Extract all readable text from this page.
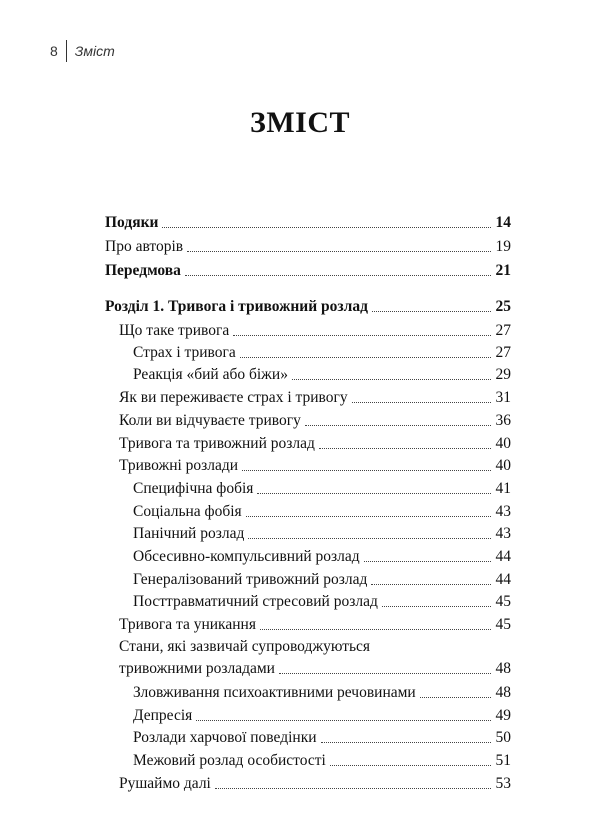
8	Зміст
ЗМІСТ
Подяки	14
Про авторів	19
Передмова	21
Розділ 1. Тривога і тривожний розлад	25
Що таке тривога	27
Страх і тривога	27
Реакція «бий або біжи»	29
Як ви переживаєте страх і тривогу	31
Коли ви відчуваєте тривогу	36
Тривога та тривожний розлад	40
Тривожні розлади	40
Специфічна фобія	41
Соціальна фобія	43
Панічний розлад	43
Обсесивно-компульсивний розлад	44
Генералізований тривожний розлад	44
Посттравматичний стресовий розлад	45
Тривога та уникання	45
Стани, які зазвичай супроводжуються
тривожними розладами	48
Зловживання психоактивними речовинами	48
Депресія	49
Розлади харчової поведінки	50
Межовий розлад особистості	51
Рушаймо далі	53
